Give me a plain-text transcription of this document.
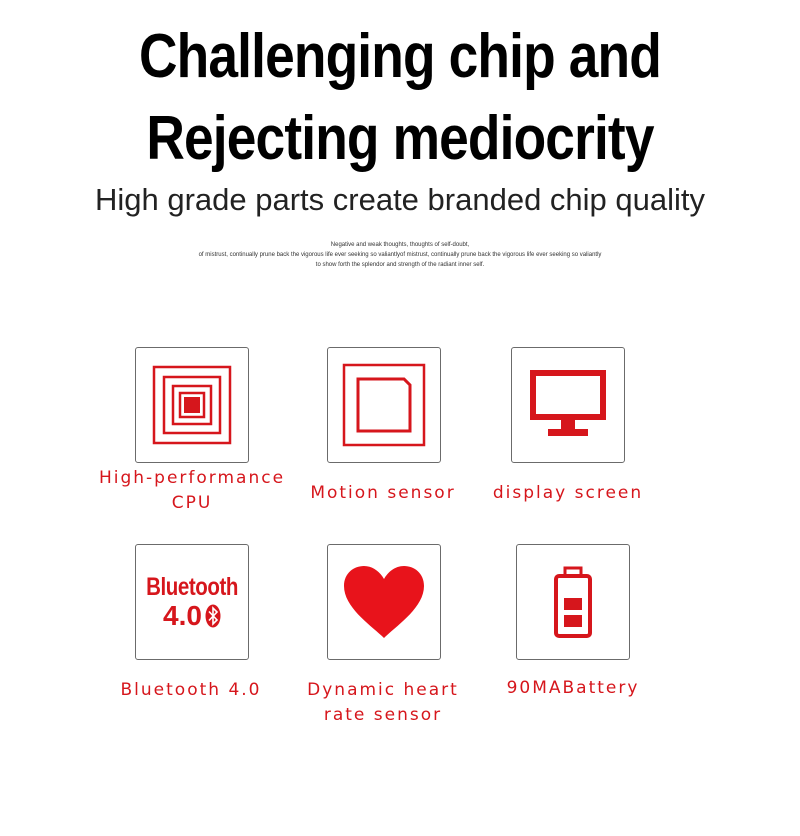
Challenging chip and
Rejecting mediocrity
High grade parts create branded chip quality
Negative and weak thoughts, thoughts of self-doubt,
of mistrust, continually prune back the vigorous life ever seeking so valiantlyof mistrust, continually prune back the vigorous life ever seeking so valiantly
to show forth the splendor and strength of the radiant inner self.
High-performance CPU	Motion sensor	display screen
Bluetooth
4.0
Bluetooth 4.0	Dynamic heart rate sensor
90MABattery
